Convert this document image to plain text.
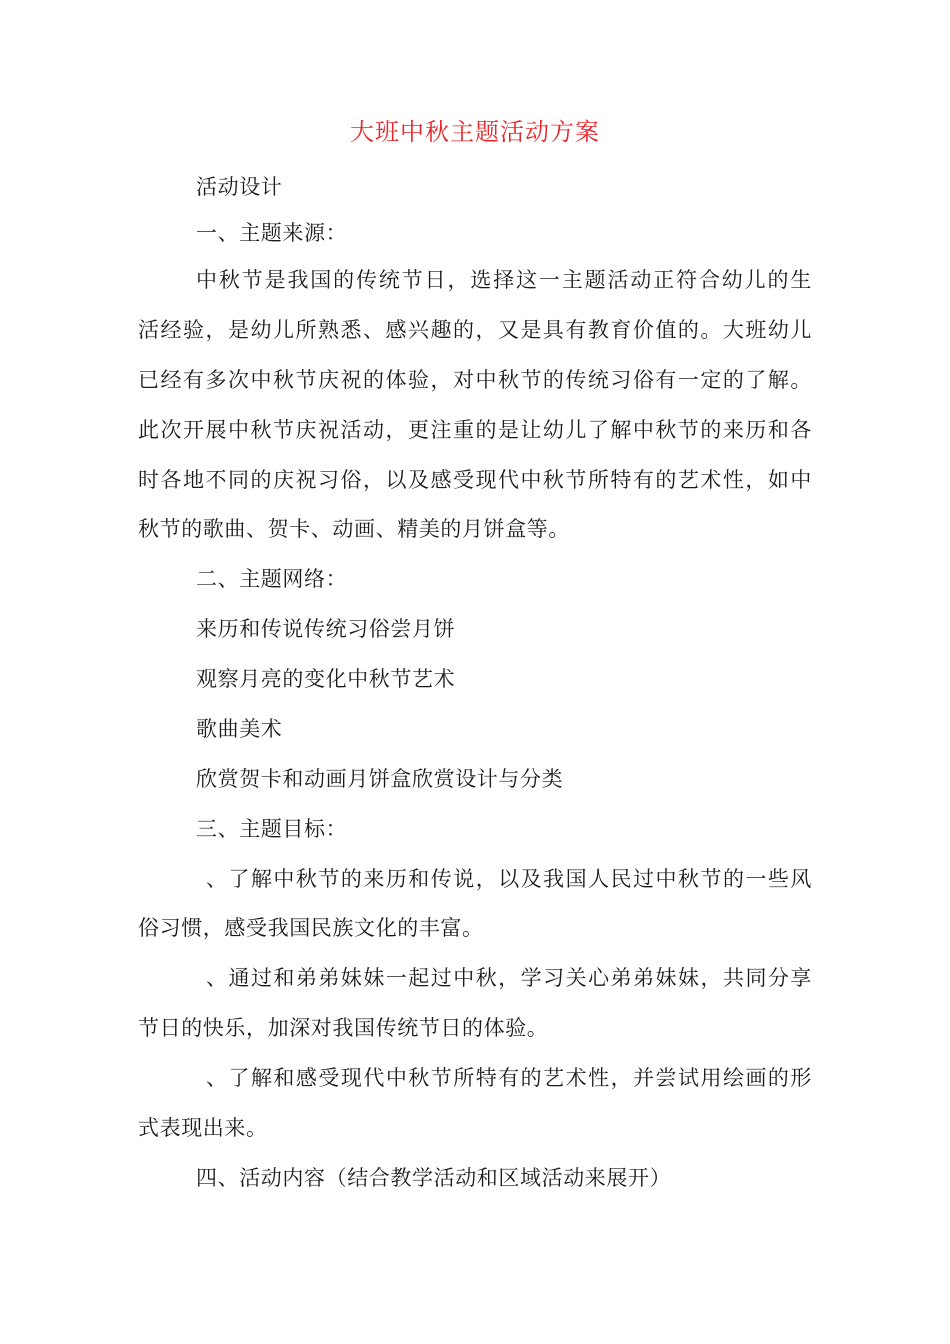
大班中秋主题活动方案
活动设计
一、主题来源：
中秋节是我国的传统节日，选择这一主题活动正符合幼儿的生
活经验，是幼儿所熟悉、感兴趣的，又是具有教育价值的。大班幼儿
已经有多次中秋节庆祝的体验，对中秋节的传统习俗有一定的了解。
此次开展中秋节庆祝活动，更注重的是让幼儿了解中秋节的来历和各
时各地不同的庆祝习俗，以及感受现代中秋节所特有的艺术性，如中
秋节的歌曲、贺卡、动画、精美的月饼盒等。
二、主题网络：
来历和传说传统习俗尝月饼
观察月亮的变化中秋节艺术
歌曲美术
欣赏贺卡和动画月饼盒欣赏设计与分类
三、主题目标：
、了解中秋节的来历和传说，以及我国人民过中秋节的一些风
俗习惯，感受我国民族文化的丰富。
、通过和弟弟妹妹一起过中秋，学习关心弟弟妹妹，共同分享
节日的快乐，加深对我国传统节日的体验。
、了解和感受现代中秋节所特有的艺术性，并尝试用绘画的形
式表现出来。
四、活动内容（结合教学活动和区域活动来展开）
